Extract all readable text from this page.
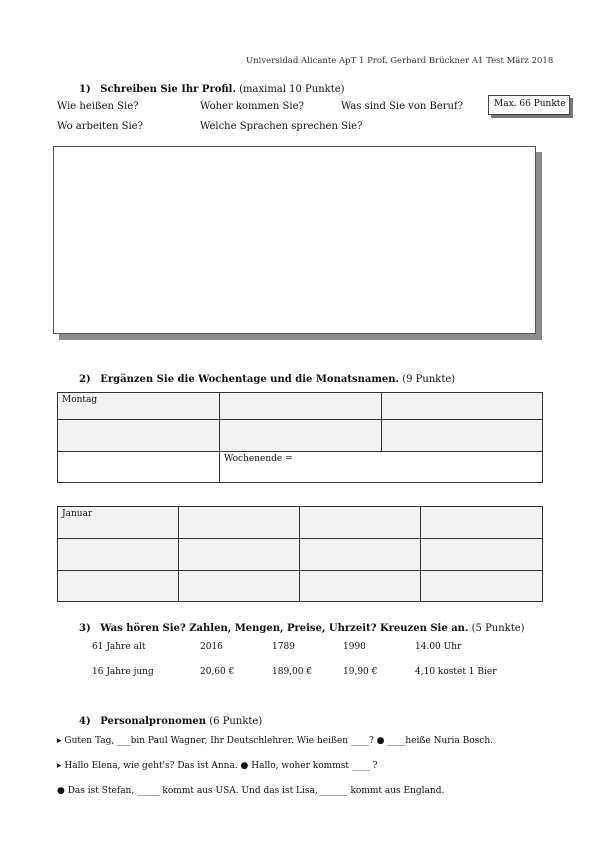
Universidad Alicante ApT 1 Prof. Gerhard Brückner A1 Test März 2018
1) Schreiben Sie Ihr Profil. (maximal 10 Punkte)
Wie heißen Sie?	Woher kommen Sie?	Was sind Sie von Beruf?
Wo arbeiten Sie?	Welche Sprachen sprechen Sie?
Max. 66 Punkte
2) Ergänzen Sie die Wochentage und die Monatsnamen. (9 Punkte)
Montag		

	Wochenende =	
Januar			

3) Was hören Sie? Zahlen, Mengen, Preise, Uhrzeit? Kreuzen Sie an. (5 Punkte)
61 Jahre alt	2016	1789	1990	14.00 Uhr
16 Jahre jung	20,60 €	189,00 €	19,90 €	4,10 kostet 1 Bier
4) Personalpronomen (6 Punkte)
▸ Guten Tag, ___bin Paul Wagner, Ihr Deutschlehrer. Wie heißen ____? ● ____heiße Nuria Bosch.
▸ Hallo Elena, wie geht's? Das ist Anna. ● Hallo, woher kommst ____ ?
● Das ist Stefan, _____ kommt aus USA. Und das ist Lisa, ______ kommt aus England.
